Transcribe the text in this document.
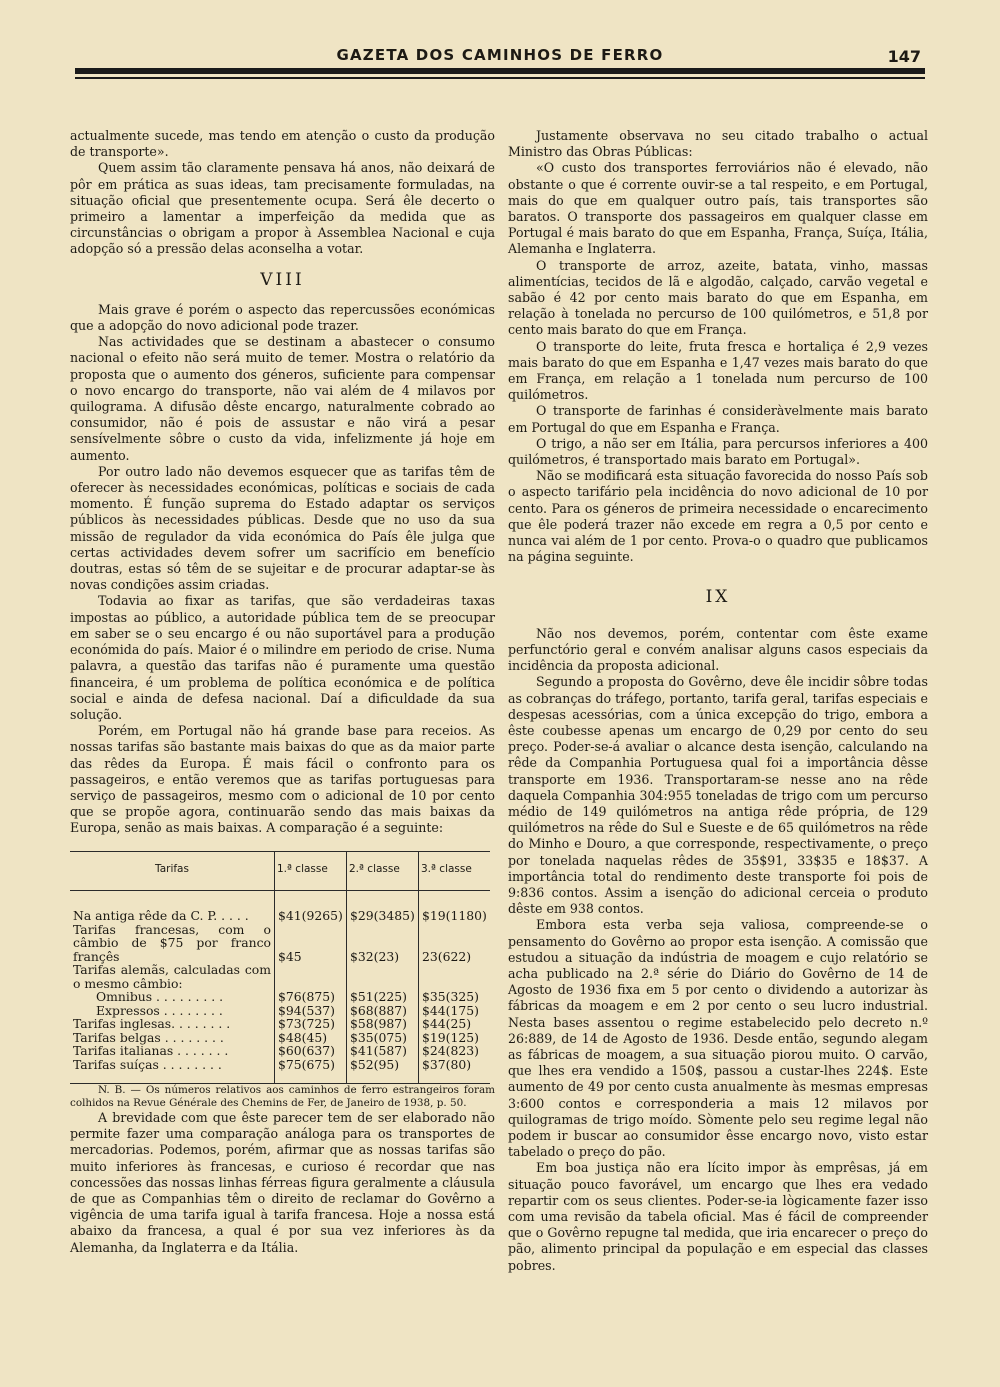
GAZETA DOS CAMINHOS DE FERRO	147

actualmente sucede, mas tendo em atenção o custo da produção de transporte».

Quem assim tão claramente pensava há anos, não deixará de pôr em prática as suas ideas, tam precisamente formuladas, na situação oficial que presentemente ocupa. Será êle decerto o primeiro a lamentar a imperfeição da medida que as circunstâncias o obrigam a propor à Assemblea Nacional e cuja adopção só a pressão delas aconselha a votar.

VIII

Mais grave é porém o aspecto das repercussões económicas que a adopção do novo adicional pode trazer.

Nas actividades que se destinam a abastecer o consumo nacional o efeito não será muito de temer. Mostra o relatório da proposta que o aumento dos géneros, suficiente para compensar o novo encargo do transporte, não vai além de 4 milavos por quilograma. A difusão dêste encargo, naturalmente cobrado ao consumidor, não é pois de assustar e não virá a pesar sensívelmente sôbre o custo da vida, infelizmente já hoje em aumento.

Por outro lado não devemos esquecer que as tarifas têm de oferecer às necessidades económicas, políticas e sociais de cada momento. É função suprema do Estado adaptar os serviços públicos às necessidades públicas. Desde que no uso da sua missão de regulador da vida económica do País êle julga que certas actividades devem sofrer um sacrifício em benefício doutras, estas só têm de se sujeitar e de procurar adaptar-se às novas condições assim criadas.

Todavia ao fixar as tarifas, que são verdadeiras taxas impostas ao público, a autoridade pública tem de se preocupar em saber se o seu encargo é ou não suportável para a produção económida do país. Maior é o milindre em periodo de crise. Numa palavra, a questão das tarifas não é puramente uma questão financeira, é um problema de política económica e de política social e ainda de defesa nacional. Daí a dificuldade da sua solução.

Porém, em Portugal não há grande base para receios. As nossas tarifas são bastante mais baixas do que as da maior parte das rêdes da Europa. É mais fácil o confronto para os passageiros, e então veremos que as tarifas portuguesas para serviço de passageiros, mesmo com o adicional de 10 por cento que se propõe agora, continuarão sendo das mais baixas da Europa, senão as mais baixas. A comparação é a seguinte:

Tarifas	1.ª classe	2.ª classe	3.ª classe

Na antiga rêde da C. P. . . . .	$41(9265)	$29(3485)	$19(1180)
Tarifas francesas, com o câmbio de $75 por franco françês	$45	$32(23)	23(622)
Tarifas alemãs, calculadas com o mesmo câmbio:			
Omnibus . . . . . . . . .	$76(875)	$51(225)	$35(325)
Expressos . . . . . . . .	$94(537)	$68(887)	$44(175)
Tarifas inglesas. . . . . . . .	$73(725)	$58(987)	$44(25)
Tarifas belgas . . . . . . . .	$48(45)	$35(075)	$19(125)
Tarifas italianas . . . . . . .	$60(637)	$41(587)	$24(823)
Tarifas suíças . . . . . . . .	$75(675)	$52(95)	$37(80)

N. B. — Os números relativos aos caminhos de ferro estrangeiros foram colhidos na Revue Générale des Chemins de Fer, de Janeiro de 1938, p. 50.

A brevidade com que êste parecer tem de ser elaborado não permite fazer uma comparação análoga para os transportes de mercadorias. Podemos, porém, afirmar que as nossas tarifas são muito inferiores às francesas, e curioso é recordar que nas concessões das nossas linhas férreas figura geralmente a cláusula de que as Companhias têm o direito de reclamar do Govêrno a vigência de uma tarifa igual à tarifa francesa. Hoje a nossa está abaixo da francesa, a qual é por sua vez inferiores às da Alemanha, da Inglaterra e da Itália.

Justamente observava no seu citado trabalho o actual Ministro das Obras Públicas:

«O custo dos transportes ferroviários não é elevado, não obstante o que é corrente ouvir-se a tal respeito, e em Portugal, mais do que em qualquer outro país, tais transportes são baratos. O transporte dos passageiros em qualquer classe em Portugal é mais barato do que em Espanha, França, Suíça, Itália, Alemanha e Inglaterra.

O transporte de arroz, azeite, batata, vinho, massas alimentícias, tecidos de lã e algodão, calçado, carvão vegetal e sabão é 42 por cento mais barato do que em Espanha, em relação à tonelada no percurso de 100 quilómetros, e 51,8 por cento mais barato do que em França.

O transporte do leite, fruta fresca e hortaliça é 2,9 vezes mais barato do que em Espanha e 1,47 vezes mais barato do que em França, em relação a 1 tonelada num percurso de 100 quilómetros.

O transporte de farinhas é consideràvelmente mais barato em Portugal do que em Espanha e França.

O trigo, a não ser em Itália, para percursos inferiores a 400 quilómetros, é transportado mais barato em Portugal».

Não se modificará esta situação favorecida do nosso País sob o aspecto tarifário pela incidência do novo adicional de 10 por cento. Para os géneros de primeira necessidade o encarecimento que êle poderá trazer não excede em regra a 0,5 por cento e nunca vai além de 1 por cento. Prova-o o quadro que publicamos na página seguinte.

IX

Não nos devemos, porém, contentar com êste exame perfunctório geral e convém analisar alguns casos especiais da incidência da proposta adicional.

Segundo a proposta do Govêrno, deve êle incidir sôbre todas as cobranças do tráfego, portanto, tarifa geral, tarifas especiais e despesas acessórias, com a única excepção do trigo, embora a êste coubesse apenas um encargo de 0,29 por cento do seu preço. Poder-se-á avaliar o alcance desta isenção, calculando na rêde da Companhia Portuguesa qual foi a importância dêsse transporte em 1936. Transportaram-se nesse ano na rêde daquela Companhia 304:955 toneladas de trigo com um percurso médio de 149 quilómetros na antiga rêde própria, de 129 quilómetros na rêde do Sul e Sueste e de 65 quilómetros na rêde do Minho e Douro, a que corresponde, respectivamente, o preço por tonelada naquelas rêdes de 35$91, 33$35 e 18$37. A importância total do rendimento deste transporte foi pois de 9:836 contos. Assim a isenção do adicional cerceia o produto dêste em 938 contos.

Embora esta verba seja valiosa, compreende-se o pensamento do Govêrno ao propor esta isenção. A comissão que estudou a situação da indústria de moagem e cujo relatório se acha publicado na 2.ª série do Diário do Govêrno de 14 de Agosto de 1936 fixa em 5 por cento o dividendo a autorizar às fábricas da moagem e em 2 por cento o seu lucro industrial. Nesta bases assentou o regime estabelecido pelo decreto n.º 26:889, de 14 de Agosto de 1936. Desde então, segundo alegam as fábricas de moagem, a sua situação piorou muito. O carvão, que lhes era vendido a 150$, passou a custar-lhes 224$. Este aumento de 49 por cento custa anualmente às mesmas empresas 3:600 contos e corresponderia a mais 12 milavos por quilogramas de trigo moído. Sòmente pelo seu regime legal não podem ir buscar ao consumidor êsse encargo novo, visto estar tabelado o preço do pão.

Em boa justiça não era lícito impor às emprêsas, já em situação pouco favorável, um encargo que lhes era vedado repartir com os seus clientes. Poder-se-ia lògicamente fazer isso com uma revisão da tabela oficial. Mas é fácil de compreender que o Govêrno repugne tal medida, que iria encarecer o preço do pão, alimento principal da população e em especial das classes pobres.
